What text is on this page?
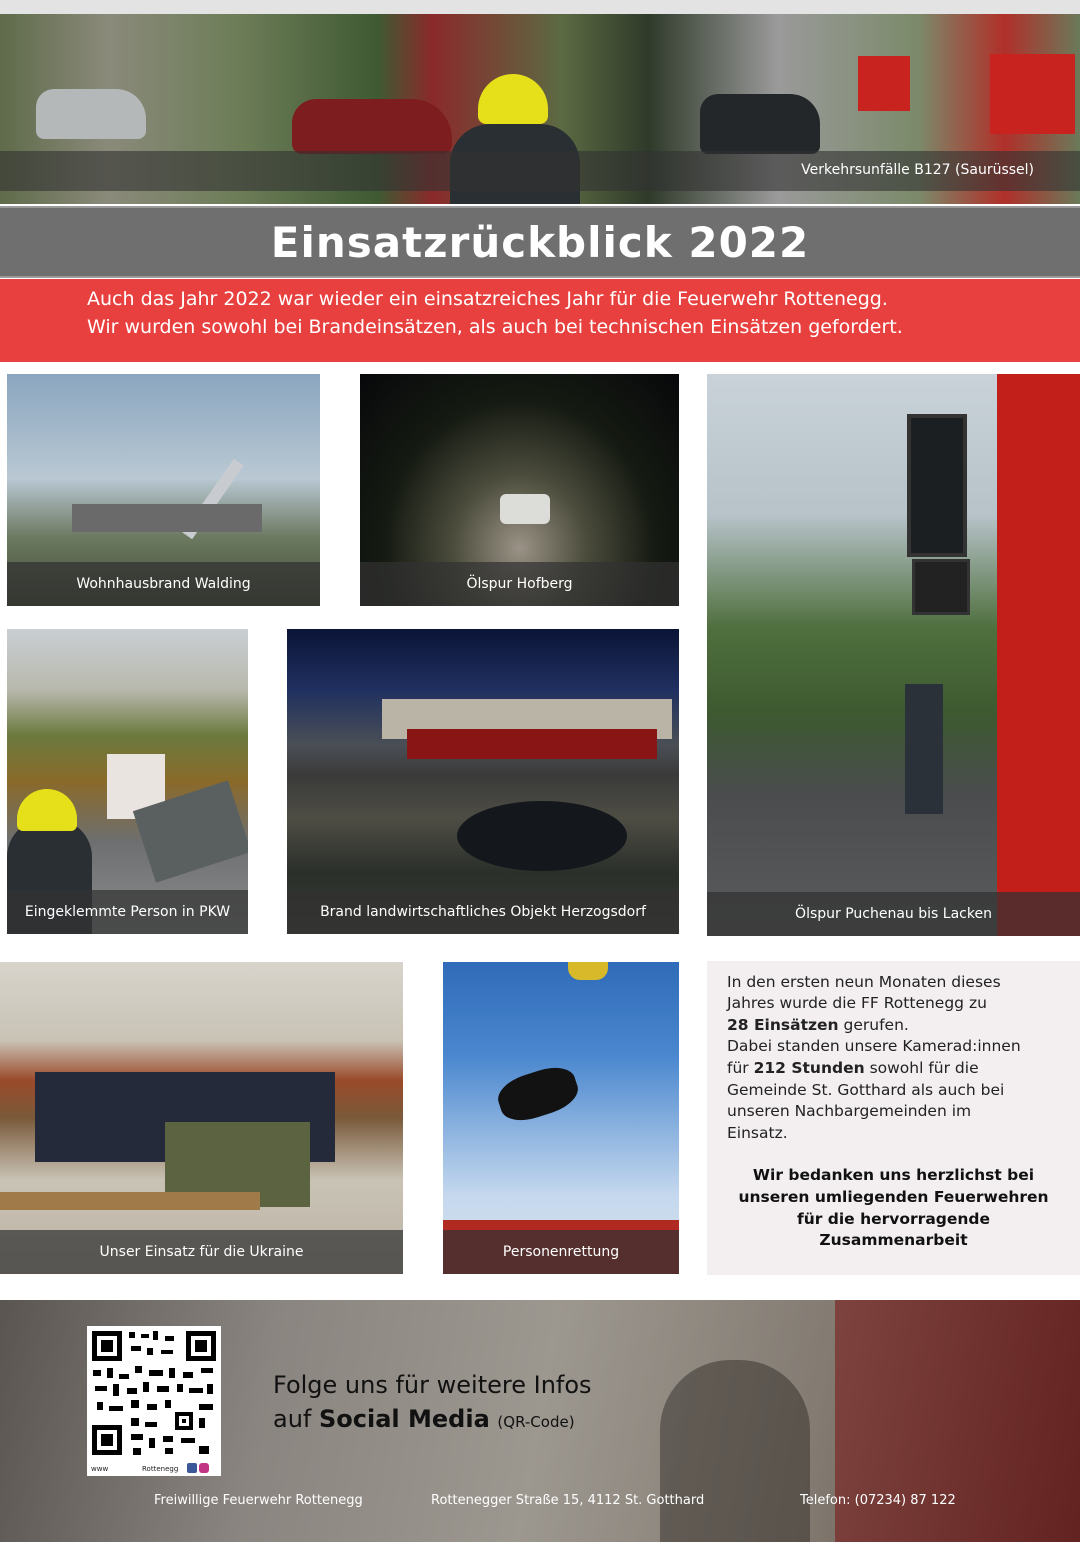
Verkehrsunfälle B127 (Saurüssel)
Einsatzrückblick 2022
Auch das Jahr 2022 war wieder ein einsatzreiches Jahr für die Feuerwehr Rottenegg.
Wir wurden sowohl bei Brandeinsätzen, als auch bei technischen Einsätzen gefordert.
Wohnhausbrand Walding	Ölspur Hofberg
Ölspur Puchenau bis Lacken
Eingeklemmte Person in PKW	Brand landwirtschaftliches Objekt Herzogsdorf
Unser Einsatz für die Ukraine	Personenrettung
In den ersten neun Monaten dieses
Jahres wurde die FF Rottenegg zu
28 Einsätzen gerufen.
Dabei standen unsere Kamerad:innen
für 212 Stunden sowohl für die
Gemeinde St. Gotthard als auch bei
unseren Nachbargemeinden im
Einsatz.
Wir bedanken uns herzlichst bei
unseren umliegenden Feuerwehren
für die hervorragende
Zusammenarbeit
www	Rottenegg
Folge uns für weitere Infos
auf Social Media (QR-Code)
Freiwillige Feuerwehr Rottenegg	Rottenegger Straße 15, 4112 St. Gotthard	Telefon: (07234) 87 122
